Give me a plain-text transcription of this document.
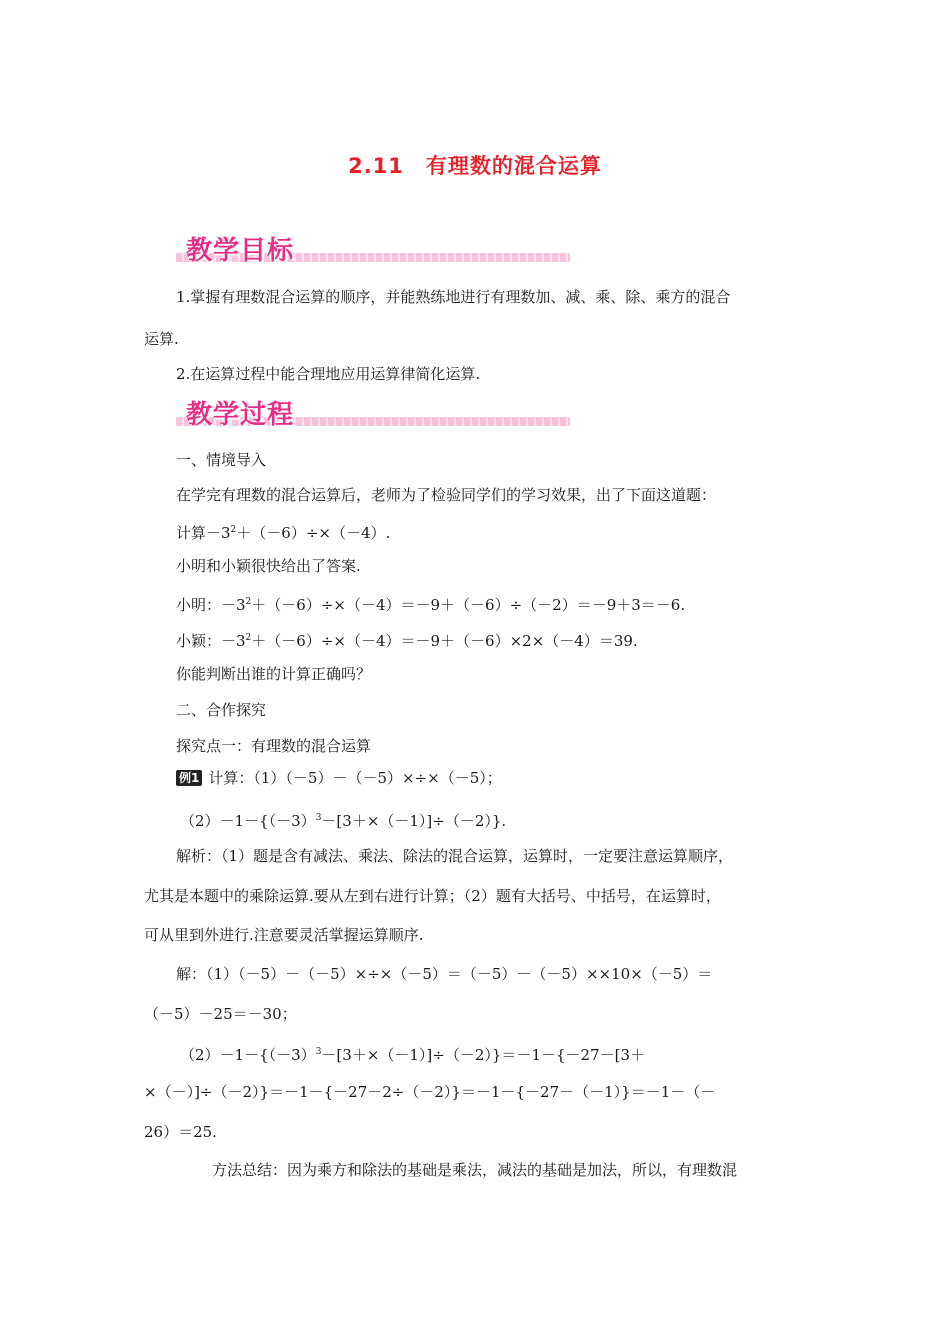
2.11　有理数的混合运算
教学目标
1.掌握有理数混合运算的顺序，并能熟练地进行有理数加、减、乘、除、乘方的混合
运算.
2.在运算过程中能合理地应用运算律简化运算.
教学过程
一、情境导入
在学完有理数的混合运算后，老师为了检验同学们的学习效果，出了下面这道题：
计算$-3^2+(-6)\div\times(-4)$.
小明和小颖很快给出了答案.
小明：$-3^2+(-6)\div\times(-4)=-9+(-6)\div(-2)=-9+3=-6$.
小颖：$-3^2+(-6)\div\times(-4)=-9+(-6)\times 2\times(-4)=39$.
你能判断出谁的计算正确吗？
二、合作探究
探究点一：有理数的混合运算
例1 计算：（1）（－5）－（－5）×÷×（－5）；
$(2)-1-\{(-3)^3-[3+\times(-1)]\div(-2)\}$.
解析：（1）题是含有减法、乘法、除法的混合运算，运算时，一定要注意运算顺序，
尤其是本题中的乘除运算.要从左到右进行计算；（2）题有大括号、中括号，在运算时，
可从里到外进行.注意要灵活掌握运算顺序.
解：（1）（－5）－（－5）×÷×（－5）＝（－5）－（－5）××10×（－5）＝
（－5）－25＝－30；
$(2)-1-\{(-3)^3-[3+\times(-1)]\div(-2)\}=-1-\{-27-[3+$
×（－）]÷（－2）}＝－1－{－27－2÷（－2）}＝－1－{－27－（－1）}＝－1－（－
26）＝25.
方法总结：因为乘方和除法的基础是乘法，减法的基础是加法，所以，有理数混
